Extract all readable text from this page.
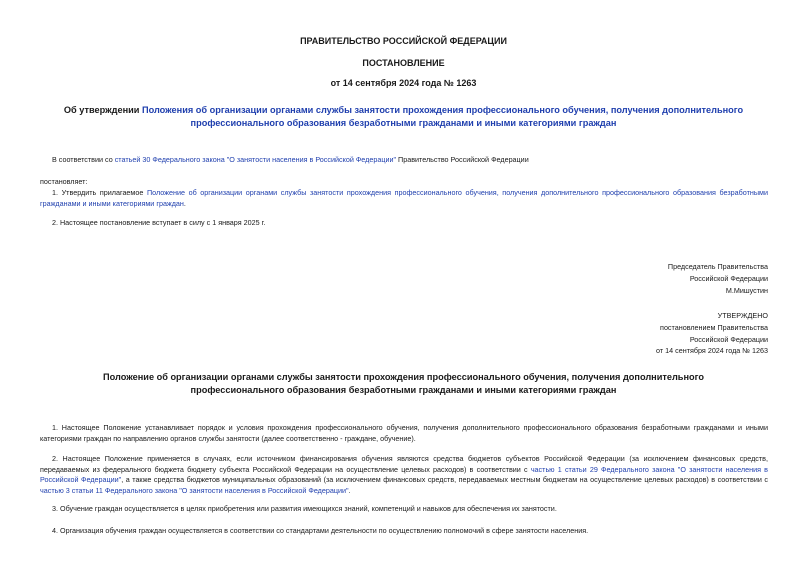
ПРАВИТЕЛЬСТВО РОССИЙСКОЙ ФЕДЕРАЦИИ
ПОСТАНОВЛЕНИЕ
от 14 сентября 2024 года № 1263
Об утверждении Положения об организации органами службы занятости прохождения профессионального обучения, получения дополнительного профессионального образования безработными гражданами и иными категориями граждан
В соответствии со статьей 30 Федерального закона "О занятости населения в Российской Федерации" Правительство Российской Федерации
постановляет:
1. Утвердить прилагаемое Положение об организации органами службы занятости прохождения профессионального обучения, получения дополнительного профессионального образования безработными гражданами и иными категориями граждан.
2. Настоящее постановление вступает в силу с 1 января 2025 г.
Председатель Правительства
Российской Федерации
М.Мишустин
УТВЕРЖДЕНО
постановлением Правительства
Российской Федерации
от 14 сентября 2024 года № 1263
Положение об организации органами службы занятости прохождения профессионального обучения, получения дополнительного профессионального образования безработными гражданами и иными категориями граждан
1. Настоящее Положение устанавливает порядок и условия прохождения профессионального обучения, получения дополнительного профессионального образования безработными гражданами и иными категориями граждан по направлению органов службы занятости (далее соответственно - граждане, обучение).
2. Настоящее Положение применяется в случаях, если источником финансирования обучения являются средства бюджетов субъектов Российской Федерации (за исключением финансовых средств, передаваемых из федерального бюджета бюджету субъекта Российской Федерации на осуществление целевых расходов) в соответствии с частью 1 статьи 29 Федерального закона "О занятости населения в Российской Федерации", а также средства бюджетов муниципальных образований (за исключением финансовых средств, передаваемых местным бюджетам на осуществление целевых расходов) в соответствии с частью 3 статьи 11 Федерального закона "О занятости населения в Российской Федерации".
3. Обучение граждан осуществляется в целях приобретения или развития имеющихся знаний, компетенций и навыков для обеспечения их занятости.
4. Организация обучения граждан осуществляется в соответствии со стандартами деятельности по осуществлению полномочий в сфере занятости населения.
